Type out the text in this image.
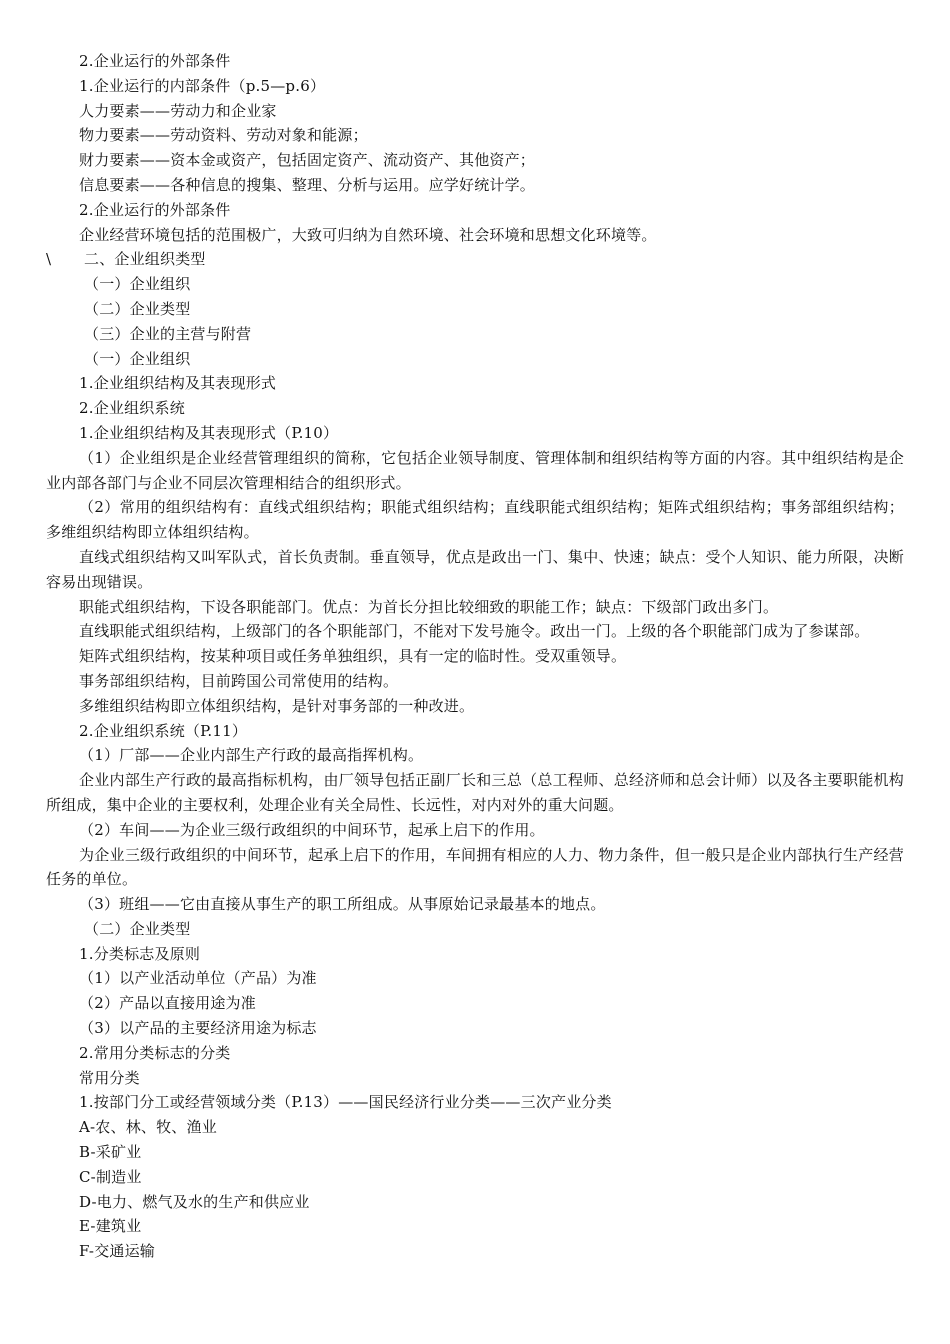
2.企业运行的外部条件

1.企业运行的内部条件（p.5—p.6）

人力要素——劳动力和企业家

物力要素——劳动资料、劳动对象和能源；

财力要素——资本金或资产，包括固定资产、流动资产、其他资产；

信息要素——各种信息的搜集、整理、分析与运用。应学好统计学。

2.企业运行的外部条件

企业经营环境包括的范围极广，大致可归纳为自然环境、社会环境和思想文化环境等。

\ 二、企业组织类型

（一）企业组织

（二）企业类型

（三）企业的主营与附营

（一）企业组织

1.企业组织结构及其表现形式

2.企业组织系统

1.企业组织结构及其表现形式（P.10）

（1）企业组织是企业经营管理组织的简称，它包括企业领导制度、管理体制和组织结构等方面的内容。其中组织结构是企业内部各部门与企业不同层次管理相结合的组织形式。

（2）常用的组织结构有：直线式组织结构；职能式组织结构；直线职能式组织结构；矩阵式组织结构；事务部组织结构；多维组织结构即立体组织结构。

直线式组织结构又叫军队式，首长负责制。垂直领导，优点是政出一门、集中、快速；缺点：受个人知识、能力所限，决断容易出现错误。

职能式组织结构，下设各职能部门。优点：为首长分担比较细致的职能工作；缺点：下级部门政出多门。

直线职能式组织结构，上级部门的各个职能部门，不能对下发号施令。政出一门。上级的各个职能部门成为了参谋部。

矩阵式组织结构，按某种项目或任务单独组织，具有一定的临时性。受双重领导。

事务部组织结构，目前跨国公司常使用的结构。

多维组织结构即立体组织结构，是针对事务部的一种改进。

2.企业组织系统（P.11）

（1）厂部——企业内部生产行政的最高指挥机构。

企业内部生产行政的最高指标机构，由厂领导包括正副厂长和三总（总工程师、总经济师和总会计师）以及各主要职能机构所组成，集中企业的主要权利，处理企业有关全局性、长远性，对内对外的重大问题。

（2）车间——为企业三级行政组织的中间环节，起承上启下的作用。

为企业三级行政组织的中间环节，起承上启下的作用，车间拥有相应的人力、物力条件，但一般只是企业内部执行生产经营任务的单位。

（3）班组——它由直接从事生产的职工所组成。从事原始记录最基本的地点。

（二）企业类型

1.分类标志及原则

（1）以产业活动单位（产品）为准

（2）产品以直接用途为准

（3）以产品的主要经济用途为标志

2.常用分类标志的分类

常用分类

1.按部门分工或经营领域分类（P.13）——国民经济行业分类——三次产业分类

A-农、林、牧、渔业

B-采矿业

C-制造业

D-电力、燃气及水的生产和供应业

E-建筑业

F-交通运输
